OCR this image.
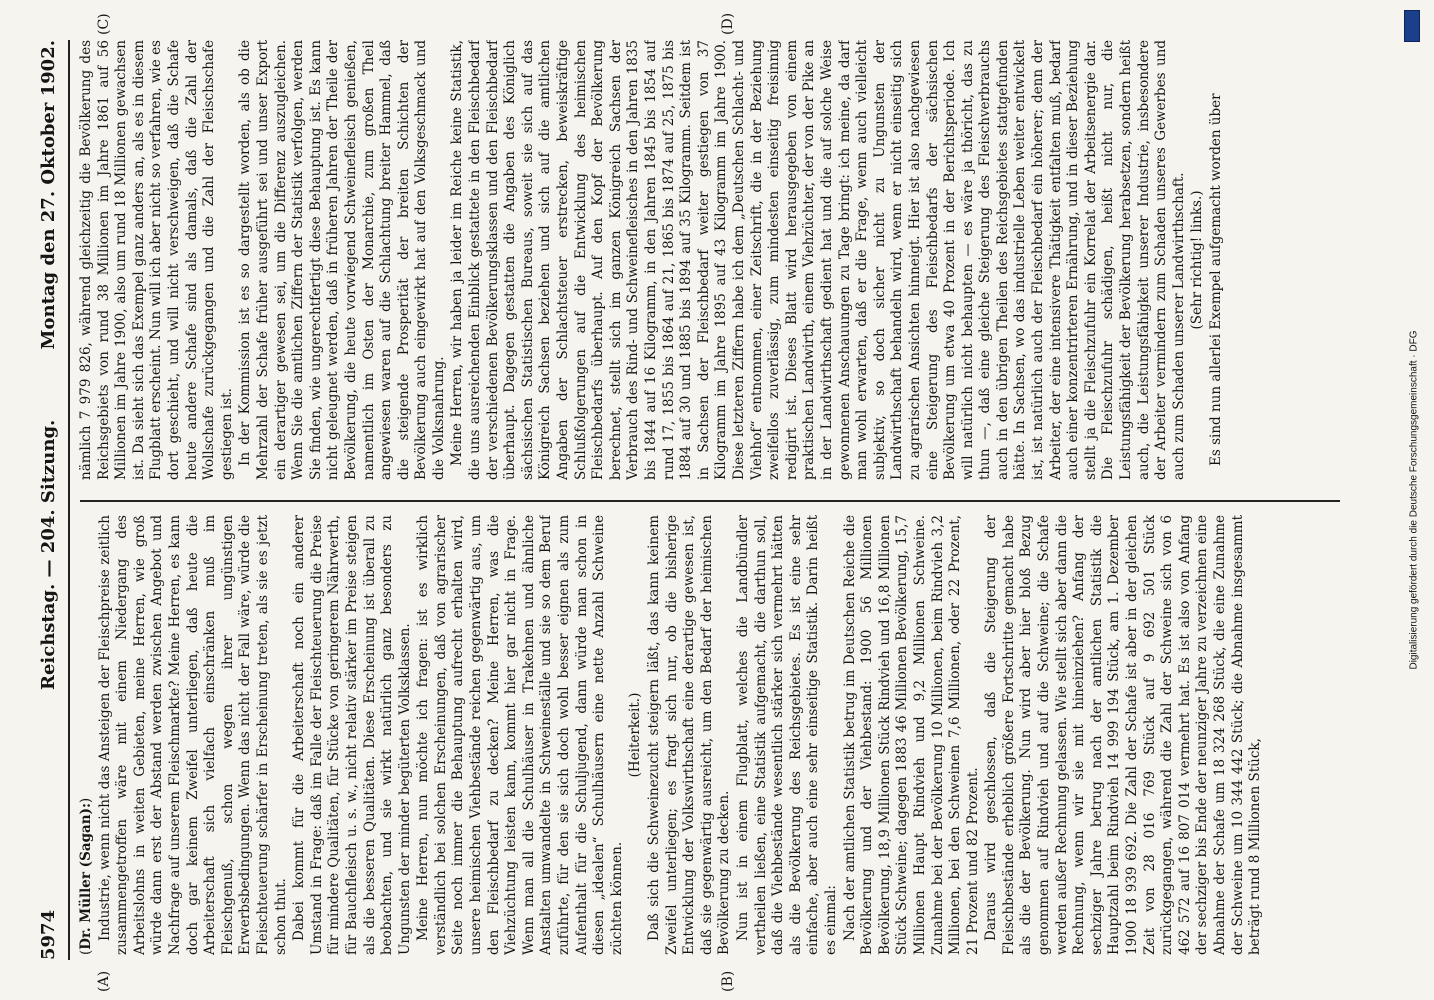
5974
Reichstag. — 204. Sitzung.
Montag den 27. Oktober 1902.
(A)	(B)
(C)	(D)

(Dr. Müller (Sagan):) Industrie, wenn nicht das Ansteigen der Fleischpreise zeitlich zusammengetroffen wäre mit einem Niedergang des Arbeitslohns in weiten Gebieten, meine Herren, wie groß würde dann erst der Abstand werden zwischen Angebot und Nachfrage auf unserem Fleischmarkte? Meine Herren, es kann doch gar keinem Zweifel unterliegen, daß heute die Arbeiterschaft sich vielfach einschränken muß im Fleischgenuß, schon wegen ihrer ungünstigen Erwerbsbedingungen. Wenn das nicht der Fall wäre, würde die Fleischteuerung schärfer in Erscheinung treten, als sie es jetzt schon thut. Dabei kommt für die Arbeiterschaft noch ein anderer Umstand in Frage: daß im Falle der Fleischteuerung die Preise für mindere Qualitäten, für Stücke von geringerem Nährwerth, für Bauchfleisch u. s. w., nicht relativ stärker im Preise steigen als die besseren Qualitäten. Diese Erscheinung ist überall zu beobachten, und sie wirkt natürlich ganz besonders zu Ungunsten der minder begüterten Volksklassen. Meine Herren, nun möchte ich fragen: ist es wirklich verständlich bei solchen Erscheinungen, daß von agrarischer Seite noch immer die Behauptung aufrecht erhalten wird, unsere heimischen Viehbestände reichen gegenwärtig aus, um den Fleischbedarf zu decken? Meine Herren, was die Viehzüchtung leisten kann, kommt hier gar nicht in Frage. Wenn man all die Schulhäuser in Trakehnen und ähnliche Anstalten umwandelte in Schweineställe und sie so dem Beruf zuführte, für den sie sich doch wohl besser eignen als zum Aufenthalt für die Schuljugend, dann würde man schon in diesen „idealen“ Schulhäusern eine nette Anzahl Schweine züchten können.

(Heiterkeit.) Daß sich die Schweinezucht steigern läßt, das kann keinem Zweifel unterliegen; es fragt sich nur, ob die bisherige Entwicklung der Volkswirthschaft eine derartige gewesen ist, daß sie gegenwärtig ausreicht, um den Bedarf der heimischen Bevölkerung zu decken. Nun ist in einem Flugblatt, welches die Landbündler vertheilen ließen, eine Statistik aufgemacht, die darthun soll, daß die Viehbestände wesentlich stärker sich vermehrt hätten als die Bevölkerung des Reichsgebietes. Es ist eine sehr einfache, aber auch eine sehr einseitige Statistik. Darin heißt es einmal: Nach der amtlichen Statistik betrug im Deutschen Reiche die Bevölkerung und der Viehbestand: 1900 56 Millionen Bevölkerung, 18,9 Millionen Stück Rindvieh und 16,8 Millionen Stück Schweine; dagegen 1883 46 Millionen Bevölkerung, 15,7 Millionen Haupt Rindvieh und 9,2 Millionen Schweine. Zunahme bei der Bevölkerung 10 Millionen, beim Rindvieh 3,2 Millionen, bei den Schweinen 7,6 Millionen, oder 22 Prozent, 21 Prozent und 82 Prozent. Daraus wird geschlossen, daß die Steigerung der Fleischbestände erheblich größere Fortschritte gemacht habe als die der Bevölkerung. Nun wird aber hier bloß Bezug genommen auf Rindvieh und auf die Schweine; die Schafe werden außer Rechnung gelassen. Wie stellt sich aber dann die Rechnung, wenn wir sie mit hineinziehen? Anfang der sechziger Jahre betrug nach der amtlichen Statistik die Hauptzahl beim Rindvieh 14 999 194 Stück, am 1. Dezember 1900 18 939 692. Die Zahl der Schafe ist aber in der gleichen Zeit von 28 016 769 Stück auf 9 692 501 Stück zurückgegangen, während die Zahl der Schweine sich von 6 462 572 auf 16 807 014 vermehrt hat. Es ist also von Anfang der sechziger bis Ende der neunziger Jahre zu verzeichnen eine Abnahme der Schafe um 18 324 268 Stück, die eine Zunahme der Schweine um 10 344 442 Stück; die Abnahme insgesammt beträgt rund 8 Millionen Stück,

nämlich 7 979 826, während gleichzeitig die Bevölkerung des Reichsgebiets von rund 38 Millionen im Jahre 1861 auf 56 Millionen im Jahre 1900, also um rund 18 Millionen gewachsen ist. Da sieht sich das Exempel ganz anders an, als es in diesem Flugblatt erscheint. Nun will ich aber nicht so verfahren, wie es dort geschieht, und will nicht verschweigen, daß die Schafe heute andere Schafe sind als damals, daß die Zahl der Wollschafe zurückgegangen und die Zahl der Fleischschafe gestiegen ist. In der Kommission ist es so dargestellt worden, als ob die Mehrzahl der Schafe früher ausgeführt sei und unser Export ein derartiger gewesen sei, um die Differenz auszugleichen. Wenn Sie die amtlichen Ziffern der Statistik verfolgen, werden Sie finden, wie ungerechtfertigt diese Behauptung ist. Es kann nicht geleugnet werden, daß in früheren Jahren der Theile der Bevölkerung, die heute vorwiegend Schweinefleisch genießen, namentlich im Osten der Monarchie, zum großen Theil angewiesen waren auf die Schlachtung breiter Hammel, daß die steigende Prosperität der breiten Schichten der Bevölkerung auch eingewirkt hat auf den Volksgeschmack und die Volksnahrung. Meine Herren, wir haben ja leider im Reiche keine Statistik, die uns ausreichenden Einblick gestattete in den Fleischbedarf der verschiedenen Bevölkerungsklassen und den Fleischbedarf überhaupt. Dagegen gestatten die Angaben des Königlich sächsischen Statistischen Bureaus, soweit sie sich auf das Königreich Sachsen beziehen und sich auf die amtlichen Angaben der Schlachtsteuer erstrecken, beweiskräftige Schlußfolgerungen auf die Entwicklung des heimischen Fleischbedarfs überhaupt. Auf den Kopf der Bevölkerung berechnet, stellt sich im ganzen Königreich Sachsen der Verbrauch des Rind- und Schweinefleisches in den Jahren 1835 bis 1844 auf 16 Kilogramm, in den Jahren 1845 bis 1854 auf rund 17, 1855 bis 1864 auf 21, 1865 bis 1874 auf 25, 1875 bis 1884 auf 30 und 1885 bis 1894 auf 35 Kilogramm. Seitdem ist in Sachsen der Fleischbedarf weiter gestiegen von 37 Kilogramm im Jahre 1895 auf 43 Kilogramm im Jahre 1900. Diese letzteren Ziffern habe ich dem „Deutschen Schlacht- und Viehhof“ entnommen, einer Zeitschrift, die in der Beziehung zweifellos zuverlässig, zum mindesten einseitig freisinnig redigirt ist. Dieses Blatt wird herausgegeben von einem praktischen Landwirth, einem Viehzüchter, der von der Pike an in der Landwirthschaft gedient hat und die auf solche Weise gewonnenen Anschauungen zu Tage bringt: ich meine, da darf man wohl erwarten, daß er die Frage, wenn auch vielleicht subjektiv, so doch sicher nicht zu Ungunsten der Landwirthschaft behandeln wird, wenn er nicht einseitig sich zu agrarischen Ansichten hinneigt. Hier ist also nachgewiesen eine Steigerung des Fleischbedarfs der sächsischen Bevölkerung um etwa 40 Prozent in der Berichtsperiode. Ich will natürlich nicht behaupten — es wäre ja thöricht, das zu thun —, daß eine gleiche Steigerung des Fleischverbrauchs auch in den übrigen Theilen des Reichsgebietes stattgefunden hätte. In Sachsen, wo das industrielle Leben weiter entwickelt ist, ist natürlich auch der Fleischbedarf ein höherer; denn der Arbeiter, der eine intensivere Thätigkeit entfalten muß, bedarf auch einer konzentrirteren Ernährung, und in dieser Beziehung stellt ja die Fleischzufuhr ein Korrelat der Arbeitsenergie dar. Die Fleischzufuhr schädigen, heißt nicht nur, die Leistungsfähigkeit der Bevölkerung herabsetzen, sondern heißt auch, die Leistungsfähigkeit unserer Industrie, insbesondere der Arbeiter vermindern zum Schaden unseres Gewerbes und auch zum Schaden unserer Landwirthschaft. (Sehr richtig! links.) Es sind nun allerlei Exempel aufgemacht worden über

Digitalisierung gefördert durch die Deutsche Forschungsgemeinschaft · DFG
